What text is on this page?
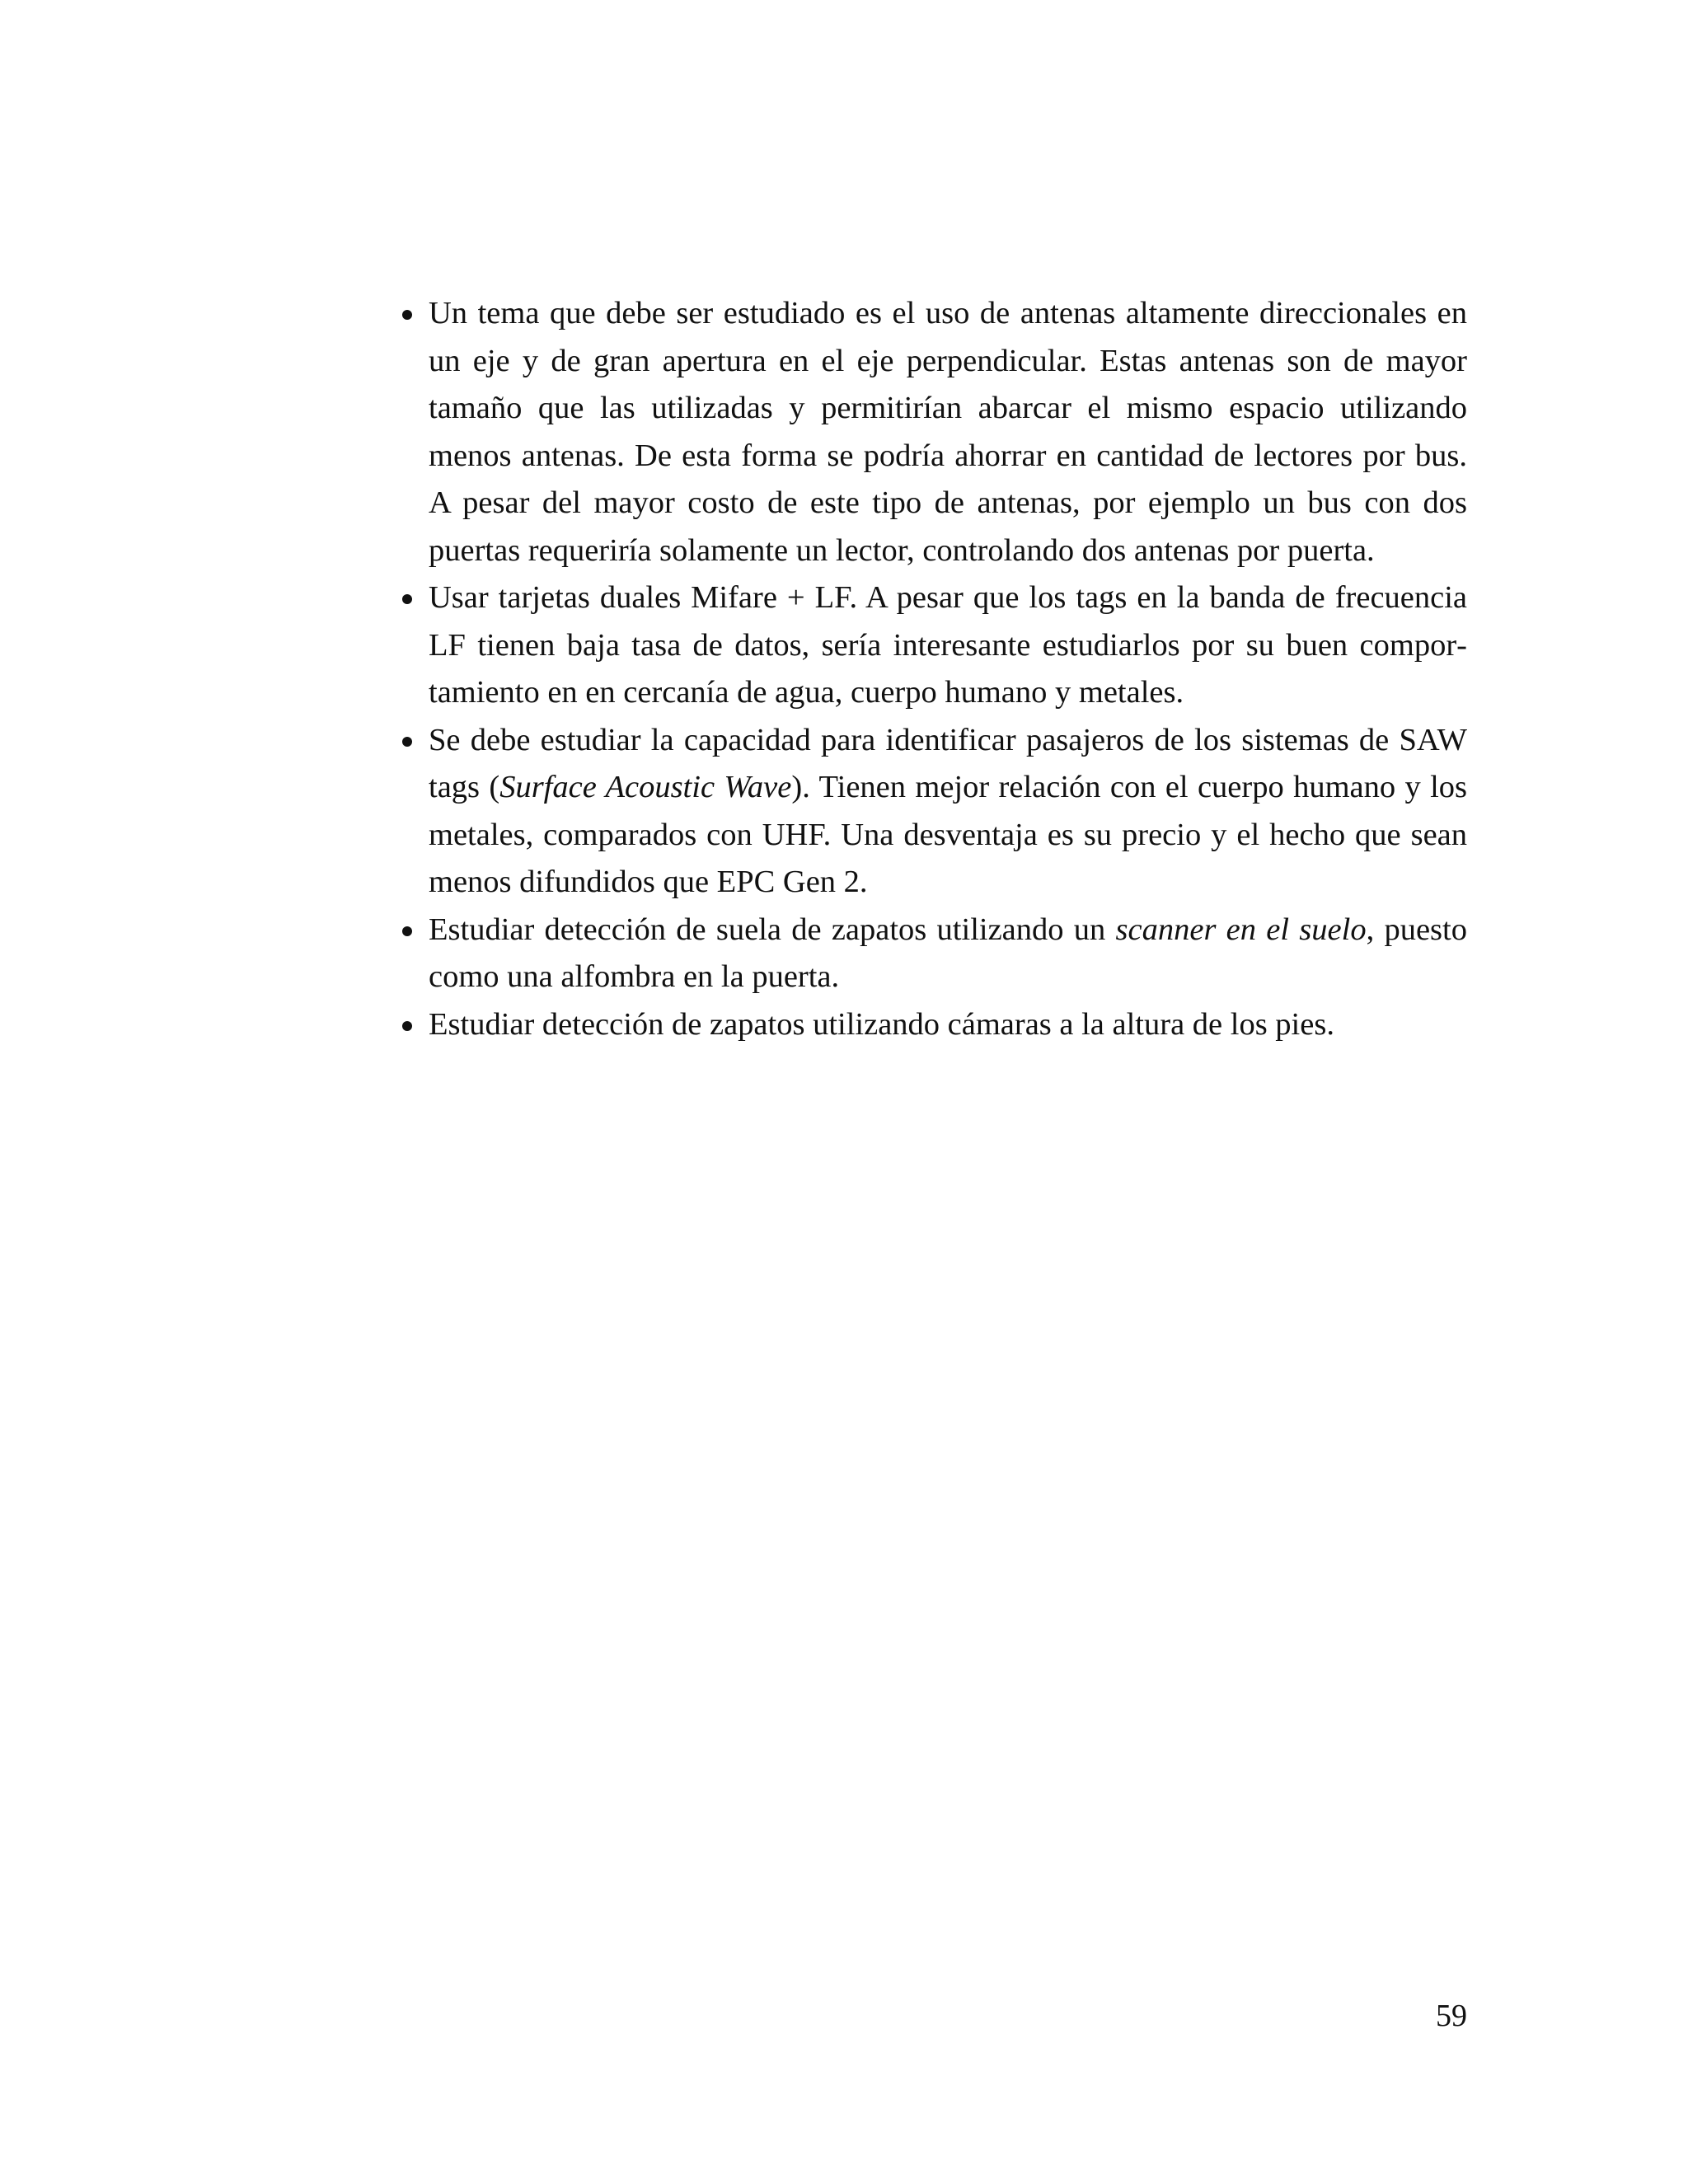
Un tema que debe ser estudiado es el uso de antenas altamente direccionales en un eje y de gran apertura en el eje perpendicular. Estas antenas son de mayor tamaño que las utilizadas y permitirían abarcar el mismo espacio utilizando menos antenas. De esta forma se podría ahorrar en cantidad de lectores por bus. A pesar del mayor costo de este tipo de antenas, por ejemplo un bus con dos puertas requeriría solamente un lector, controlando dos antenas por puerta.
Usar tarjetas duales Mifare + LF. A pesar que los tags en la banda de frecuencia LF tienen baja tasa de datos, sería interesante estudiarlos por su buen comportamiento en en cercanía de agua, cuerpo humano y metales.
Se debe estudiar la capacidad para identificar pasajeros de los sistemas de SAW tags (Surface Acoustic Wave). Tienen mejor relación con el cuerpo humano y los metales, comparados con UHF. Una desventaja es su precio y el hecho que sean menos difundidos que EPC Gen 2.
Estudiar detección de suela de zapatos utilizando un scanner en el suelo, puesto como una alfombra en la puerta.
Estudiar detección de zapatos utilizando cámaras a la altura de los pies.
59
